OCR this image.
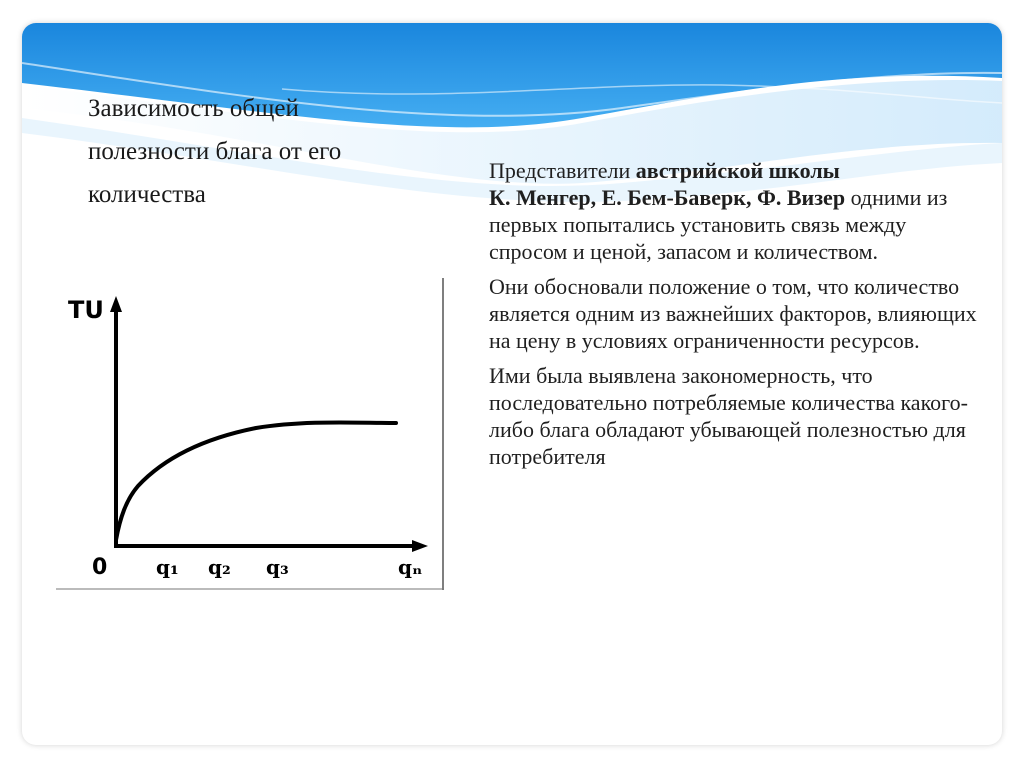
Зависимость общей полезности блага от его количества

Представители австрийской школы
К. Менгер, Е. Бем-Баверк, Ф. Визер одними из первых попытались установить связь между спросом и ценой, запасом и количеством.

Они обосновали положение о том, что количество является одним из важнейших факторов, влияющих на цену в условиях ограниченности ресурсов.

Ими была выявлена закономерность, что последовательно потребляемые количества какого-либо блага обладают убывающей полезностью для потребителя

TU
0 q₁ q₂ q₃	qₙ
